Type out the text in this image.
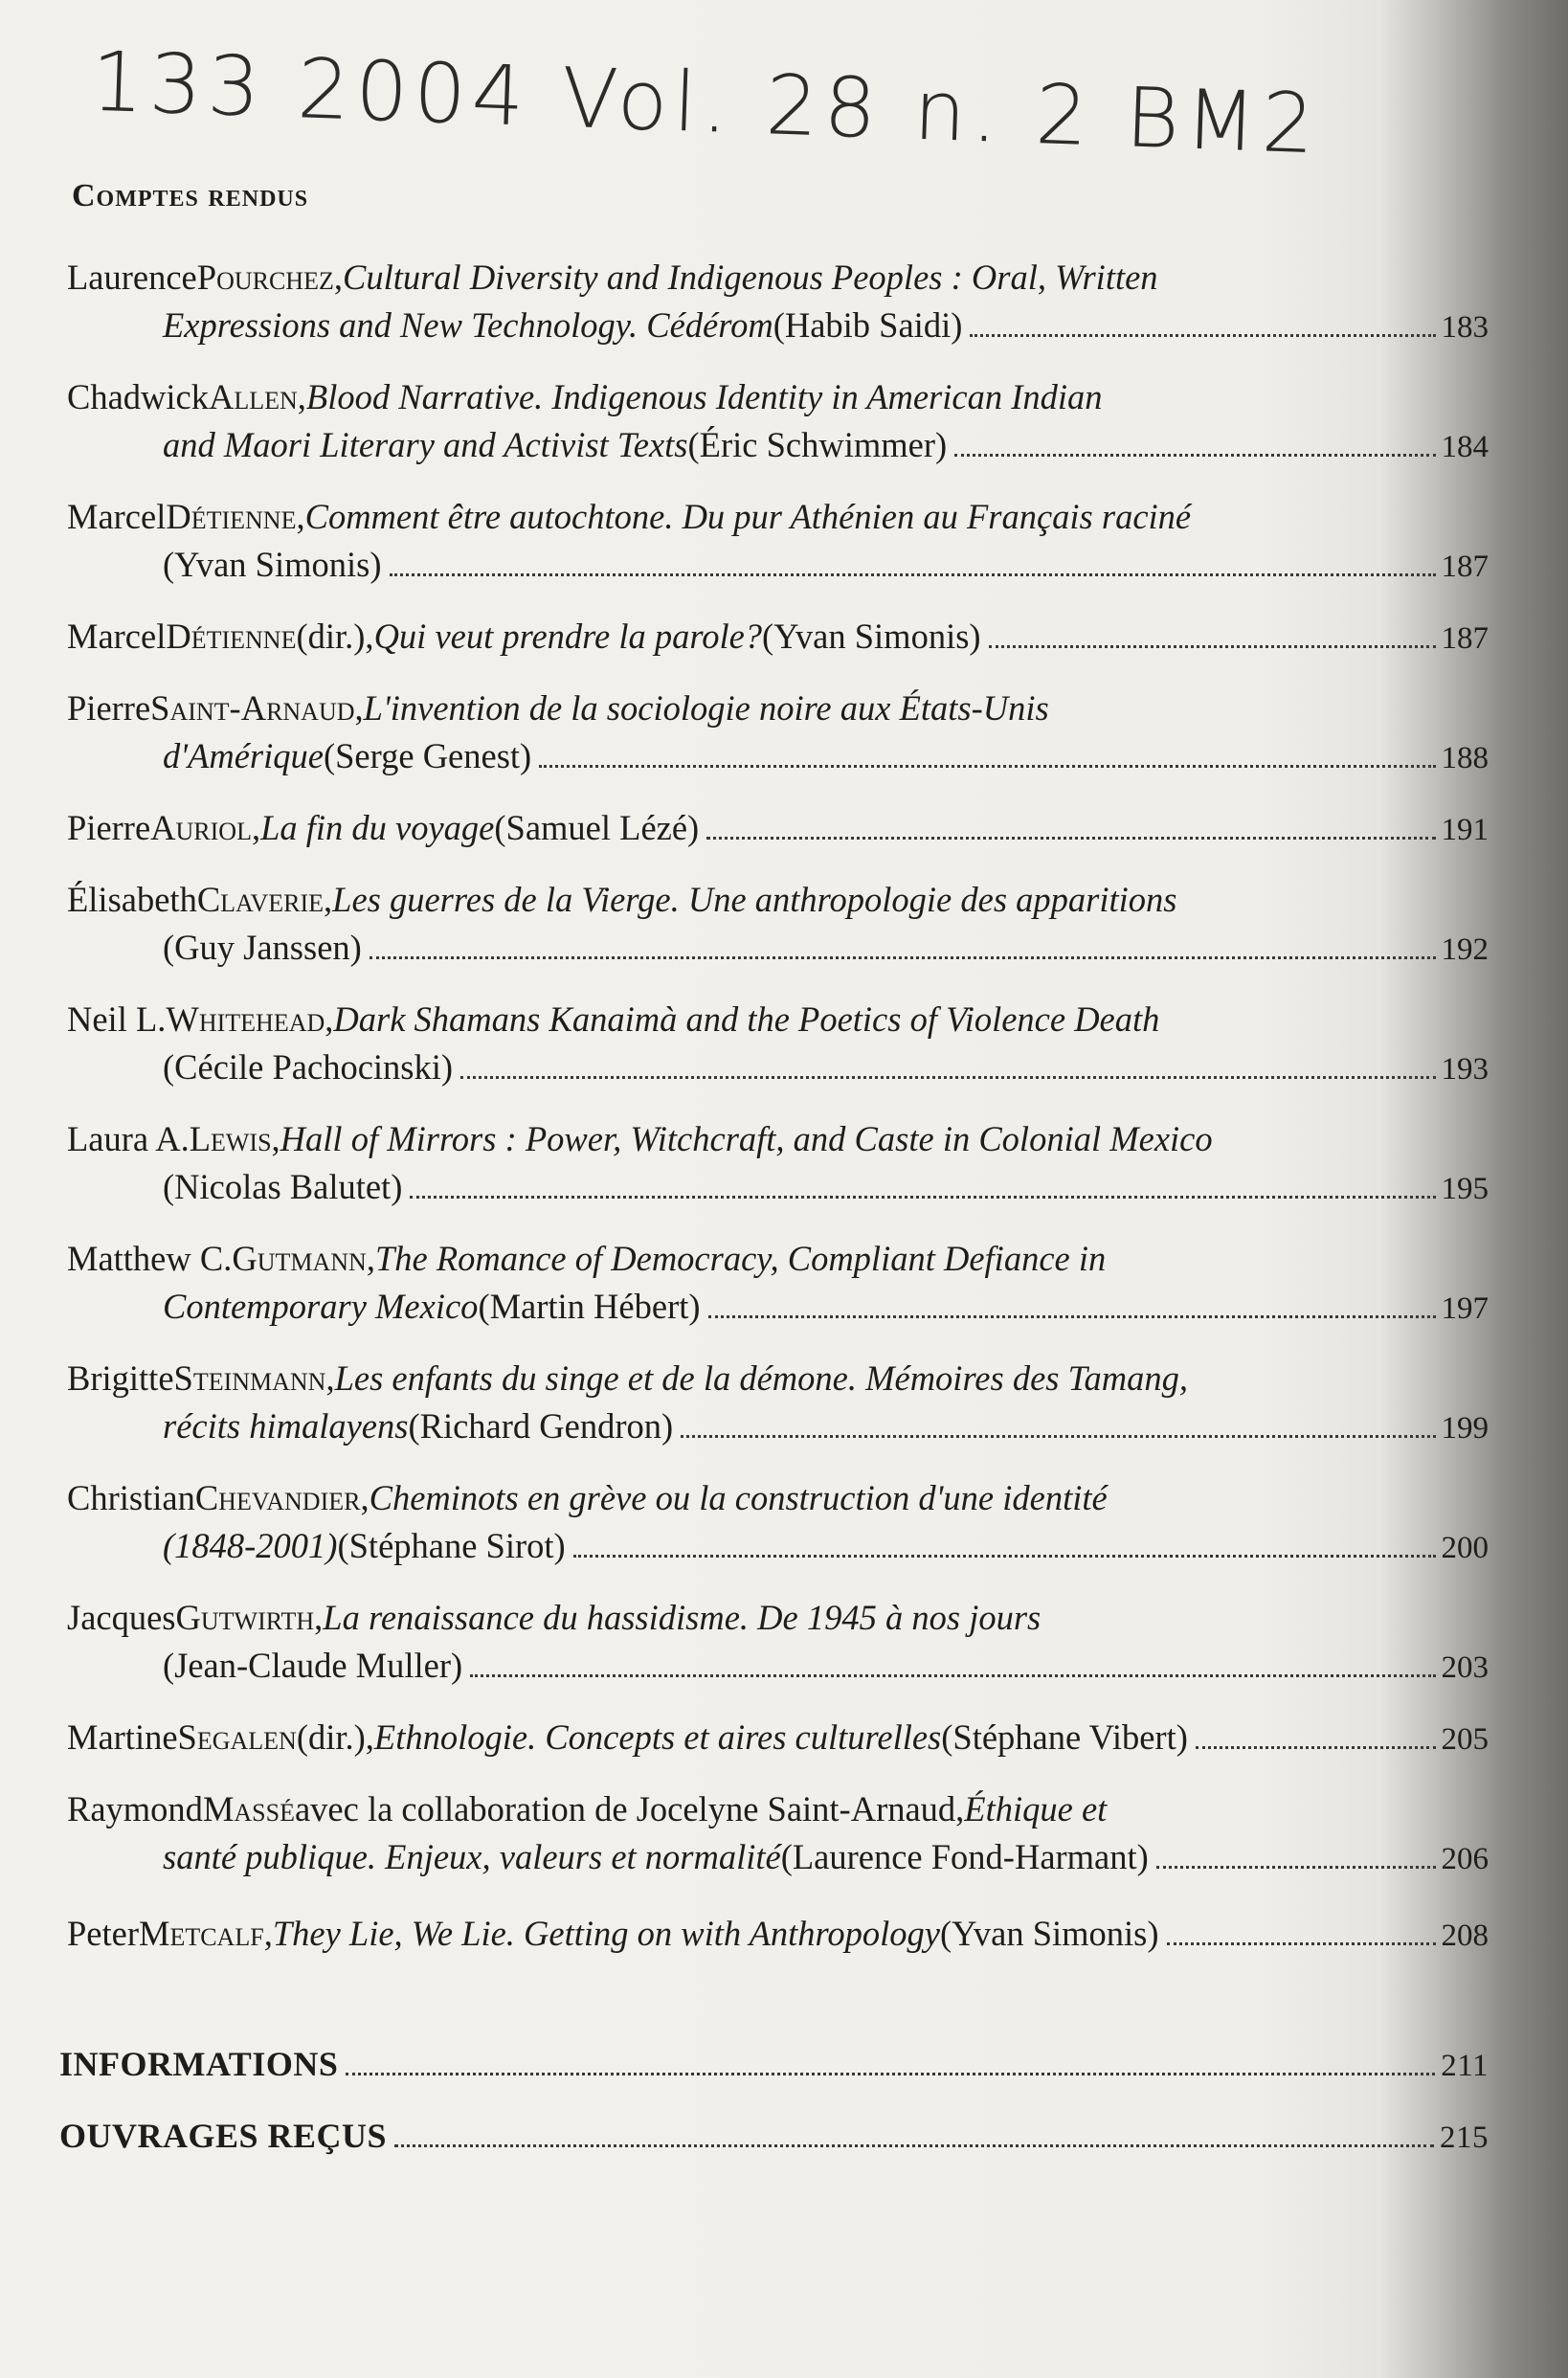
133 2004 Vol. 28 n. 2 BM2
Comptes rendus
Laurence Pourchez , Cultural Diversity and Indigenous Peoples : Oral, Written
Expressions and New Technology. Cédérom (Habib Saidi)	183
Chadwick Allen , Blood Narrative. Indigenous Identity in American Indian
and Maori Literary and Activist Texts (Éric Schwimmer)	184
Marcel Détienne , Comment être autochtone. Du pur Athénien au Français raciné
(Yvan Simonis)	187
Marcel Détienne (dir.), Qui veut prendre la parole? (Yvan Simonis)	187
Pierre Saint-Arnaud , L'invention de la sociologie noire aux États-Unis
d'Amérique (Serge Genest)	188
Pierre Auriol , La fin du voyage (Samuel Lézé)	191
Élisabeth Claverie , Les guerres de la Vierge. Une anthropologie des apparitions
(Guy Janssen)	192
Neil L. Whitehead , Dark Shamans Kanaimà and the Poetics of Violence Death
(Cécile Pachocinski)	193
Laura A. Lewis , Hall of Mirrors : Power, Witchcraft, and Caste in Colonial Mexico
(Nicolas Balutet)	195
Matthew C. Gutmann , The Romance of Democracy, Compliant Defiance in
Contemporary Mexico (Martin Hébert)	197
Brigitte Steinmann , Les enfants du singe et de la démone. Mémoires des Tamang,
récits himalayens (Richard Gendron)	199
Christian Chevandier , Cheminots en grève ou la construction d'une identité
(1848-2001) (Stéphane Sirot)	200
Jacques Gutwirth , La renaissance du hassidisme. De 1945 à nos jours
(Jean-Claude Muller)	203
Martine Segalen (dir.), Ethnologie. Concepts et aires culturelles (Stéphane Vibert)	205
Raymond Massé avec la collaboration de Jocelyne Saint-Arnaud, Éthique et
santé publique. Enjeux, valeurs et normalité (Laurence Fond-Harmant)	206
Peter Metcalf , They Lie, We Lie. Getting on with Anthropology (Yvan Simonis)	208
INFORMATIONS	211
OUVRAGES REÇUS	215
